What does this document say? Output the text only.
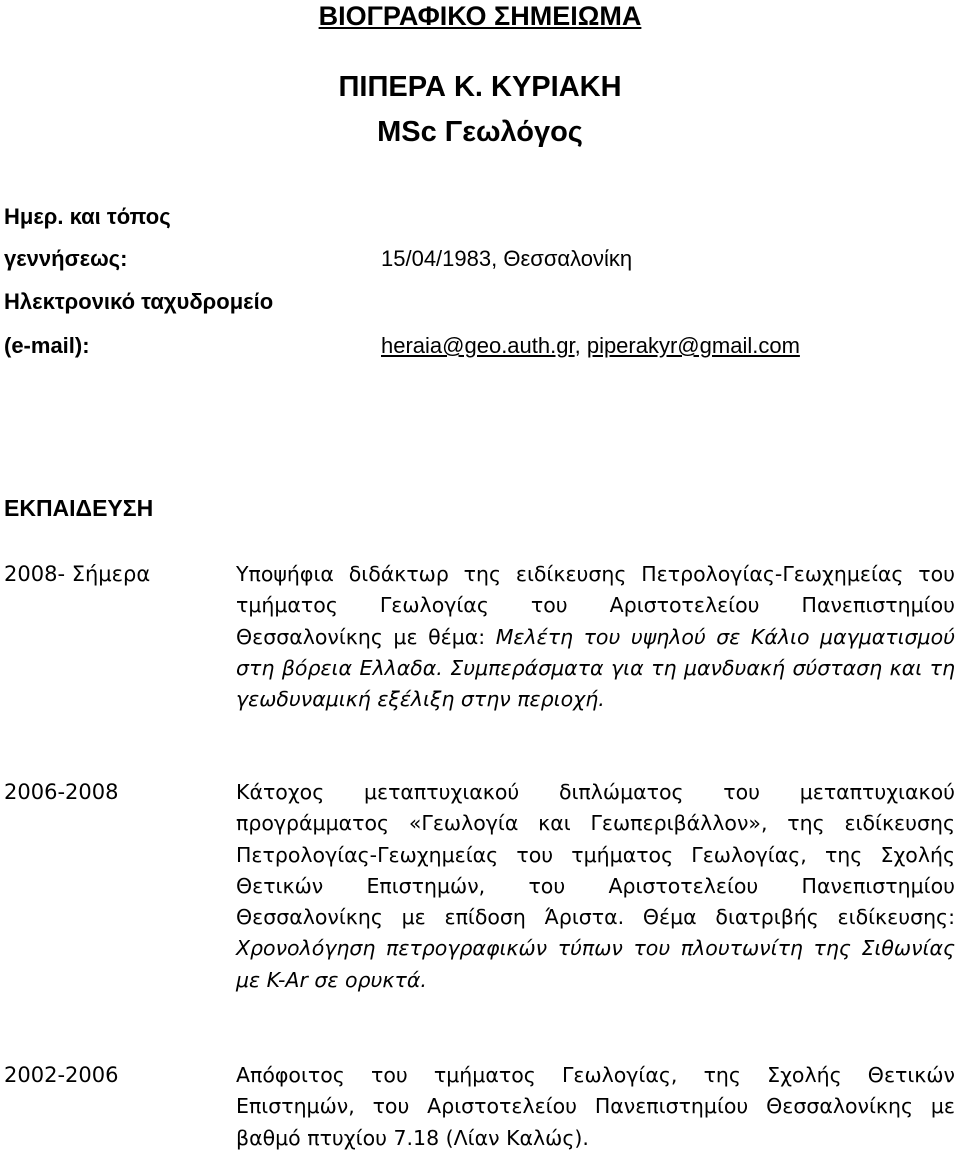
ΒΙΟΓΡΑΦΙΚΟ ΣΗΜΕΙΩΜΑ
ΠΙΠΕΡΑ Κ. ΚΥΡΙΑΚΗ
MSc Γεωλόγος
Ημερ. και τόπος
γεννήσεως:	15/04/1983, Θεσσαλονίκη
Ηλεκτρονικό ταχυδρομείο
(e-mail):	heraia@geo.auth.gr, piperakyr@gmail.com
ΕΚΠΑΙΔΕΥΣΗ
2008- Σήμερα	Υποψήφια διδάκτωρ της ειδίκευσης Πετρολογίας-Γεωχημείας του τμήματος Γεωλογίας του Αριστοτελείου Πανεπιστημίου Θεσσαλονίκης με θέμα: Μελέτη του υψηλού σε Κάλιο μαγματισμού στη βόρεια Ελλαδα. Συμπεράσματα για τη μανδυακή σύσταση και τη γεωδυναμική εξέλιξη στην περιοχή.
2006-2008	Κάτοχος μεταπτυχιακού διπλώματος του μεταπτυχιακού προγράμματος «Γεωλογία και Γεωπεριβάλλον», της ειδίκευσης Πετρολογίας-Γεωχημείας του τμήματος Γεωλογίας, της Σχολής Θετικών Επιστημών, του Αριστοτελείου Πανεπιστημίου Θεσσαλονίκης με επίδοση Άριστα. Θέμα διατριβής ειδίκευσης: Χρονολόγηση πετρογραφικών τύπων του πλουτωνίτη της Σιθωνίας με K-Ar σε ορυκτά.
2002-2006	Απόφοιτος του τμήματος Γεωλογίας, της Σχολής Θετικών Επιστημών, του Αριστοτελείου Πανεπιστημίου Θεσσαλονίκης με βαθμό πτυχίου 7.18 (Λίαν Καλώς).
